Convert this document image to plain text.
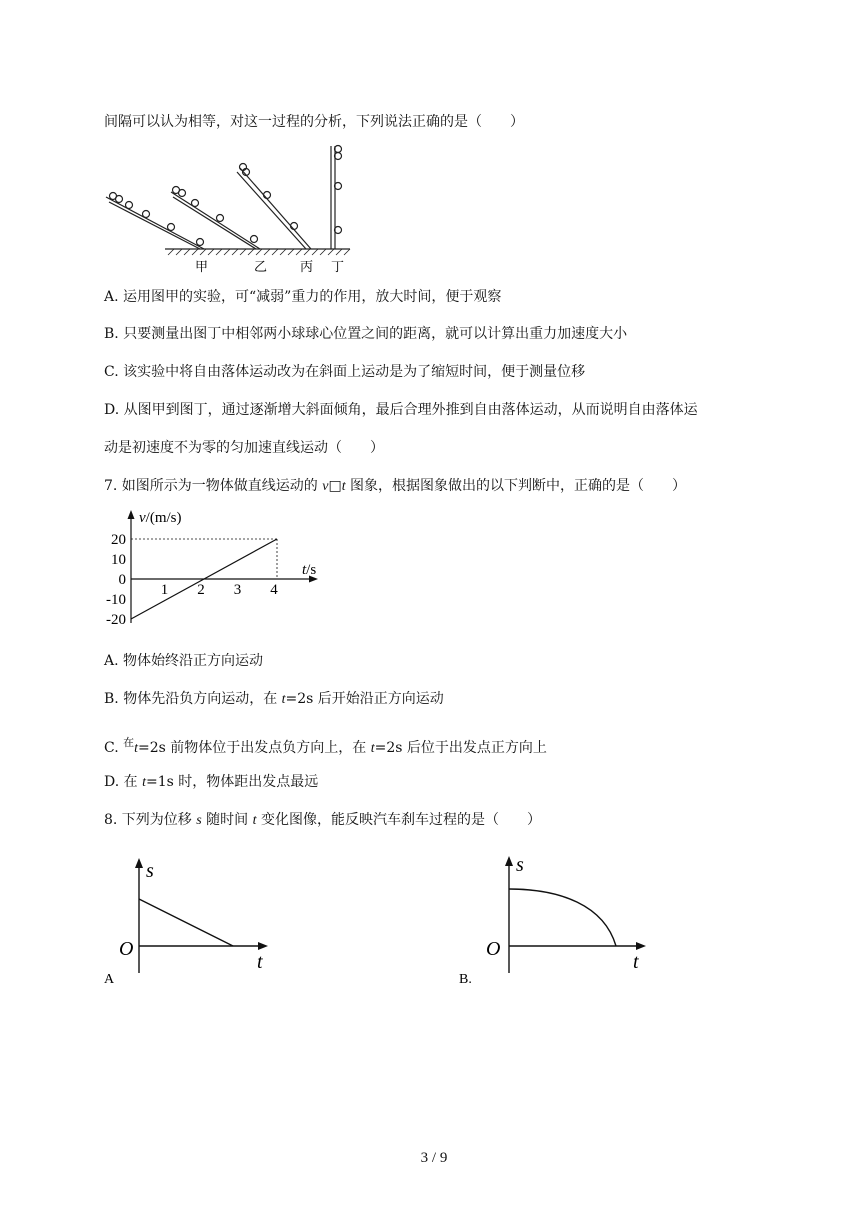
间隔可以认为相等，对这一过程的分析，下列说法正确的是（　　）
甲	乙	丙 丁
A. 运用图甲的实验，可“减弱”重力的作用，放大时间，便于观察
B. 只要测量出图丁中相邻两小球球心位置之间的距离，就可以计算出重力加速度大小
C. 该实验中将自由落体运动改为在斜面上运动是为了缩短时间，便于测量位移
D. 从图甲到图丁，通过逐渐增大斜面倾角，最后合理外推到自由落体运动，从而说明自由落体运
动是初速度不为零的匀加速直线运动（　　）
7. 如图所示为一物体做直线运动的 v□t 图象，根据图象做出的以下判断中，正确的是（　　）
20
10
0
-10
-20
1 2 3 4
v/(m/s)
t/s
A. 物体始终沿正方向运动
B. 物体先沿负方向运动，在 t=2s 后开始沿正方向运动
C. $^在$t=2s 前物体位于出发点负方向上，在 t=2s 后位于出发点正方向上
D. 在 t=1s 时，物体距出发点最远
8. 下列为位移 s 随时间 t 变化图像，能反映汽车刹车过程的是（　　）
s
O
t
A
s
O
t
B.
3 / 9
